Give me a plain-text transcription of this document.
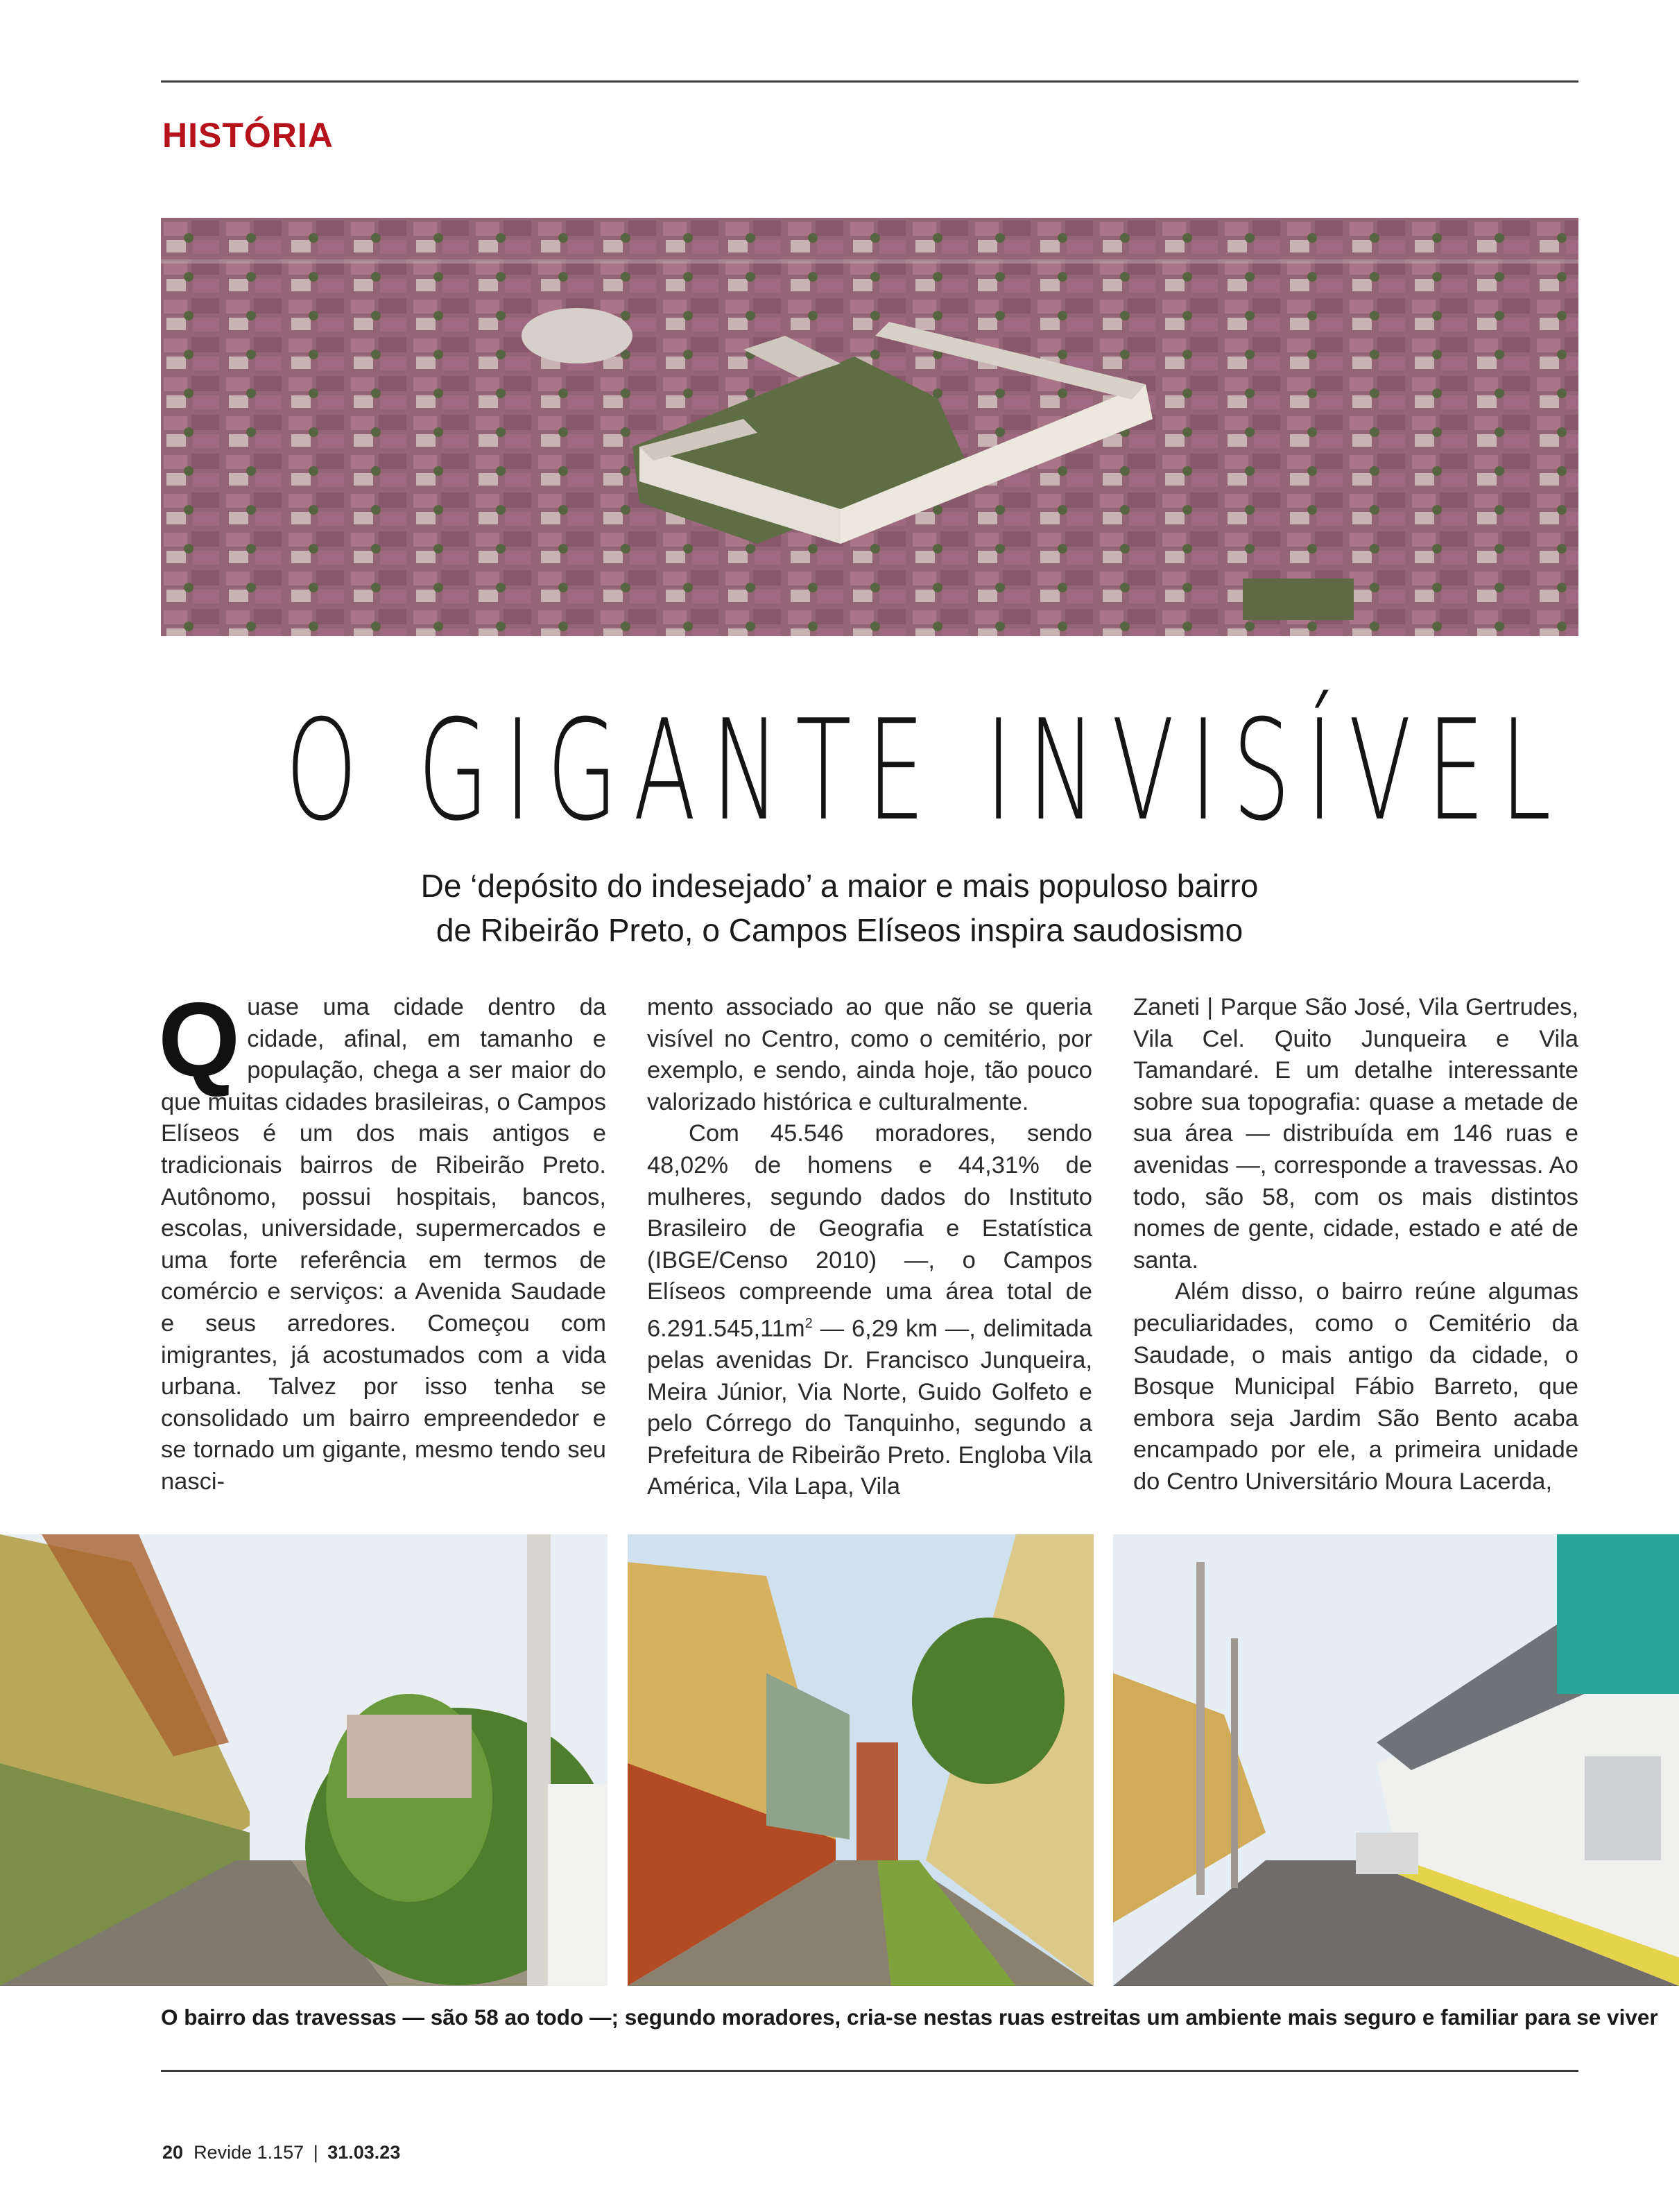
HISTÓRIA
O GIGANTE INVISÍVEL
De ‘depósito do indesejado’ a maior e mais populoso bairro
de Ribeirão Preto, o Campos Elíseos inspira saudosismo
Q uase uma cidade dentro da cidade, afinal, em tamanho e população, chega a ser maior do que muitas cidades brasileiras, o Campos Elíseos é um dos mais antigos e tradicionais bairros de Ribeirão Preto. Autônomo, possui hospitais, bancos, escolas, universidade, supermercados e uma forte referência em termos de comércio e serviços: a Avenida Saudade e seus arredores. Começou com imigrantes, já acostumados com a vida urbana. Talvez por isso tenha se consolidado um bairro empreendedor e se tornado um gigante, mesmo tendo seu nasci-

mento associado ao que não se queria visível no Centro, como o cemitério, por exemplo, e sendo, ainda hoje, tão pouco valorizado histórica e culturalmente.

Com 45.546 moradores, sendo 48,02% de homens e 44,31% de mulheres, segundo dados do Instituto Brasileiro de Geografia e Estatística (IBGE/Censo 2010) —, o Campos Elíseos compreende uma área total de $6.291.545,11m^2$ — 6,29 km —, delimitada pelas avenidas Dr. Francisco Junqueira, Meira Júnior, Via Norte, Guido Golfeto e pelo Córrego do Tanquinho, segundo a Prefeitura de Ribeirão Preto. Engloba Vila América, Vila Lapa, Vila

Zaneti | Parque São José, Vila Gertrudes, Vila Cel. Quito Junqueira e Vila Tamandaré. E um detalhe interessante sobre sua topografia: quase a metade de sua área — distribuída em 146 ruas e avenidas —, corresponde a travessas. Ao todo, são 58, com os mais distintos nomes de gente, cidade, estado e até de santa.

Além disso, o bairro reúne algumas peculiaridades, como o Cemitério da Saudade, o mais antigo da cidade, o Bosque Municipal Fábio Barreto, que embora seja Jardim São Bento acaba encampado por ele, a primeira unidade do Centro Universitário Moura Lacerda,

O bairro das travessas — são 58 ao todo —; segundo moradores, cria-se nestas ruas estreitas um ambiente mais seguro e familiar para se viver
20 Revide 1.157 | 31.03.23
